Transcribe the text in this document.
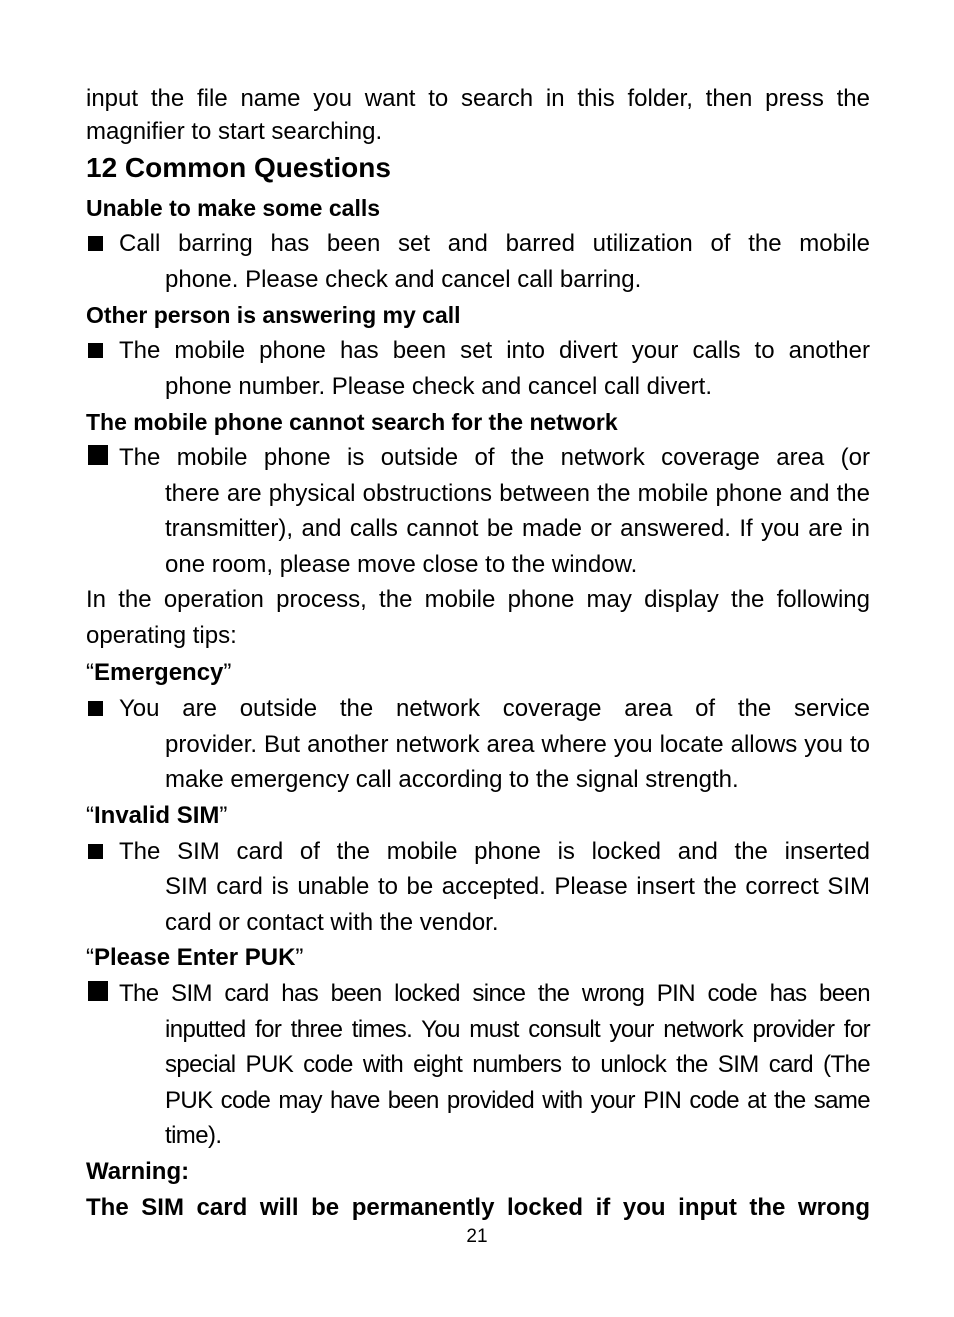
input the file name you want to search in this folder, then press the magnifier to start searching.

12 Common Questions
Unable to make some calls
Call barring has been set and barred utilization of the mobile
phone. Please check and cancel call barring.
Other person is answering my call
The mobile phone has been set into divert your calls to another
phone number. Please check and cancel call divert.
The mobile phone cannot search for the network
The mobile phone is outside of the network coverage area (or
there are physical obstructions between the mobile phone and the transmitter), and calls cannot be made or answered. If you are in one room, please move close to the window.

In the operation process, the mobile phone may display the following operating tips:

“Emergency”
You are outside the network coverage area of the service
provider. But another network area where you locate allows you to make emergency call according to the signal strength.
“Invalid SIM”
The SIM card of the mobile phone is locked and the inserted
SIM card is unable to be accepted. Please insert the correct SIM card or contact with the vendor.
“Please Enter PUK”
The SIM card has been locked since the wrong PIN code has been
inputted for three times. You must consult your network provider for special PUK code with eight numbers to unlock the SIM card (The PUK code may have been provided with your PIN code at the same time).
Warning:
The SIM card will be permanently locked if you input the wrong
21
